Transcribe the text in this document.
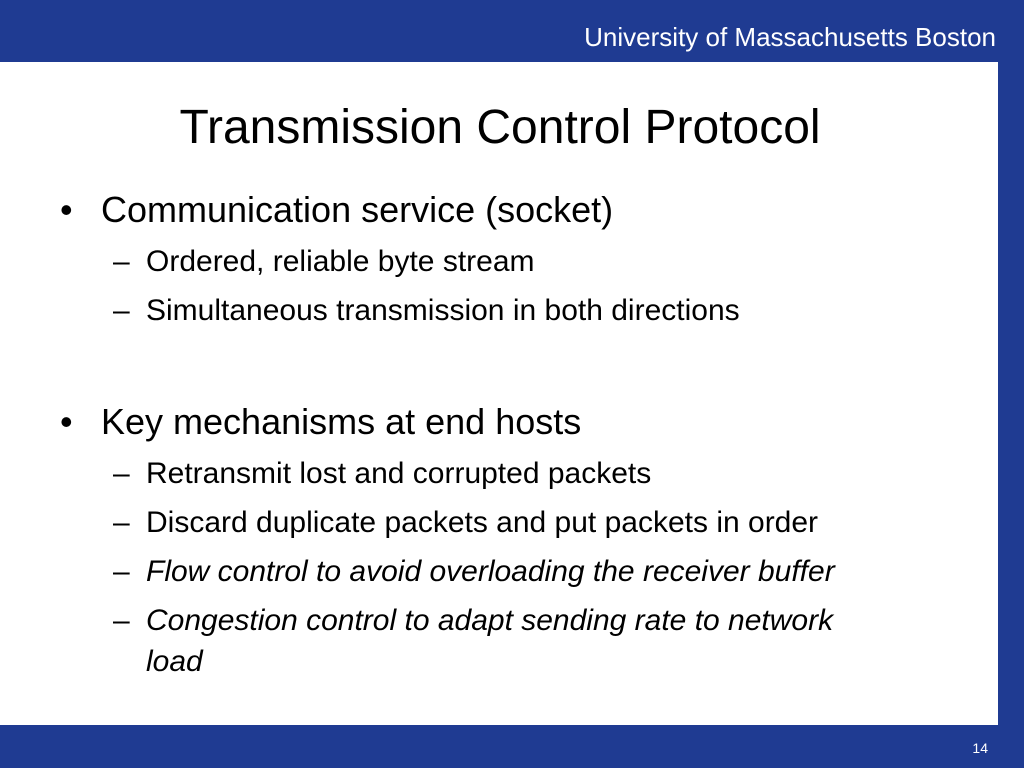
University of Massachusetts Boston
Transmission Control Protocol
• Communication service (socket)
– Ordered, reliable byte stream
– Simultaneous transmission in both directions
• Key mechanisms at end hosts
– Retransmit lost and corrupted packets
– Discard duplicate packets and put packets in order
– Flow control to avoid overloading the receiver buffer
– Congestion control to adapt sending rate to network
load
14
